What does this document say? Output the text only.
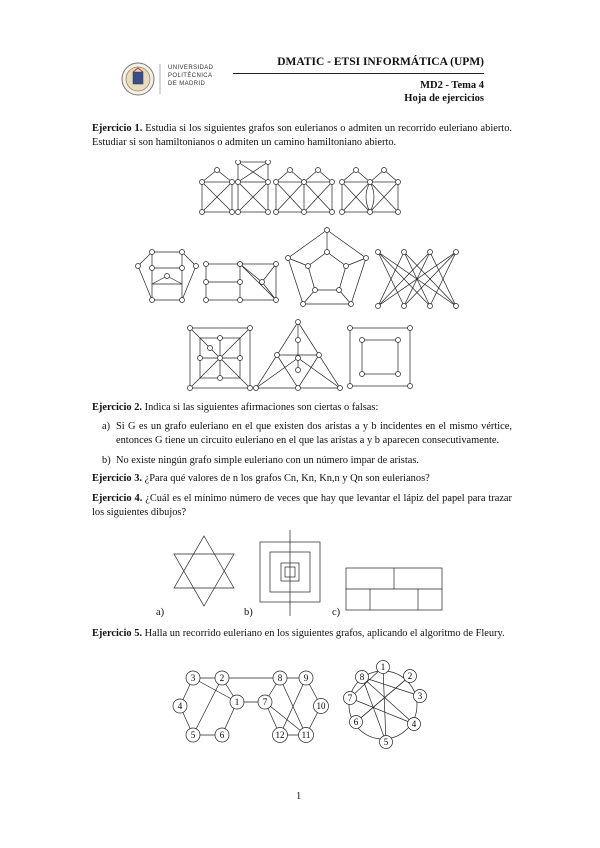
UNIVERSIDAD
POLITÉCNICA
DE MADRID
DMATIC - ETSI INFORMÁTICA (UPM)
MD2 - Tema 4
Hoja de ejercicios
Ejercicio 1. Estudia si los siguientes grafos son eulerianos o admiten un recorrido euleriano abierto. Estudiar si son hamiltonianos o admiten un camino hamiltoniano abierto.
Ejercicio 2. Indica si las siguientes afirmaciones son ciertas o falsas:
a) Si G es un grafo euleriano en el que existen dos aristas a y b incidentes en el mismo vértice, entonces G tiene un circuito euleriano en el que las aristas a y b aparecen consecutivamente.
b) No existe ningún grafo simple euleriano con un número impar de aristas.
Ejercicio 3. ¿Para qué valores de n los grafos Cn, Kn, Kn,n y Qn son eulerianos?
Ejercicio 4. ¿Cuál es el mínimo número de veces que hay que levantar el lápiz del papel para trazar los siguientes dibujos?
a)	b)	c)
Ejercicio 5. Halla un recorrido euleriano en los siguientes grafos, aplicando el algoritmo de Fleury.
3	2
4	1
5	6
8 9
7	10
12 11
1
8	2
7	3
6	4
5
1
